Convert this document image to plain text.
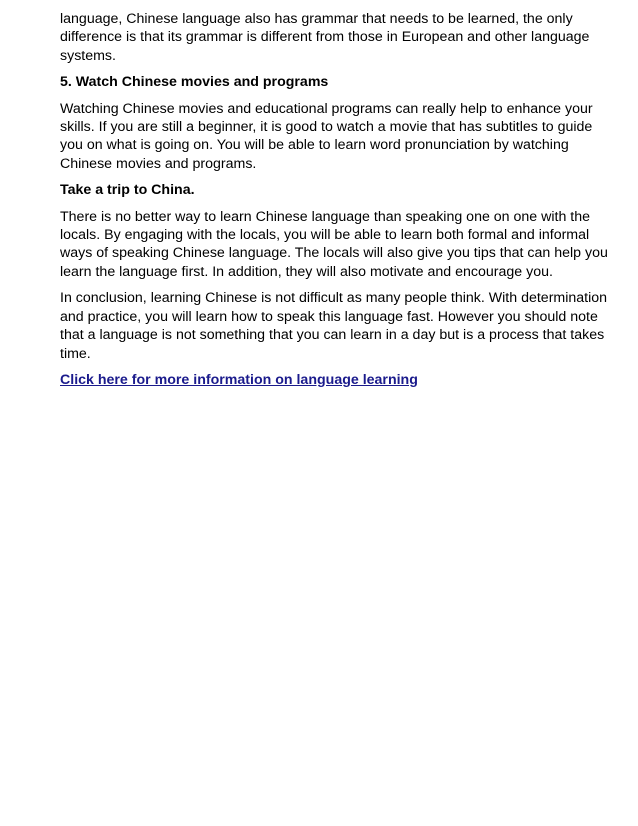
language, Chinese language also has grammar that needs to be learned, the only difference is that its grammar is different from those in European and other language systems.

5. Watch Chinese movies and programs

Watching Chinese movies and educational programs can really help to enhance your skills. If you are still a beginner, it is good to watch a movie that has subtitles to guide you on what is going on. You will be able to learn word pronunciation by watching Chinese movies and programs.

Take a trip to China.

There is no better way to learn Chinese language than speaking one on one with the locals. By engaging with the locals, you will be able to learn both formal and informal ways of speaking Chinese language. The locals will also give you tips that can help you learn the language first. In addition, they will also motivate and encourage you.

In conclusion, learning Chinese is not difficult as many people think. With determination and practice, you will learn how to speak this language fast. However you should note that a language is not something that you can learn in a day but is a process that takes time.

Click here for more information on language learning
